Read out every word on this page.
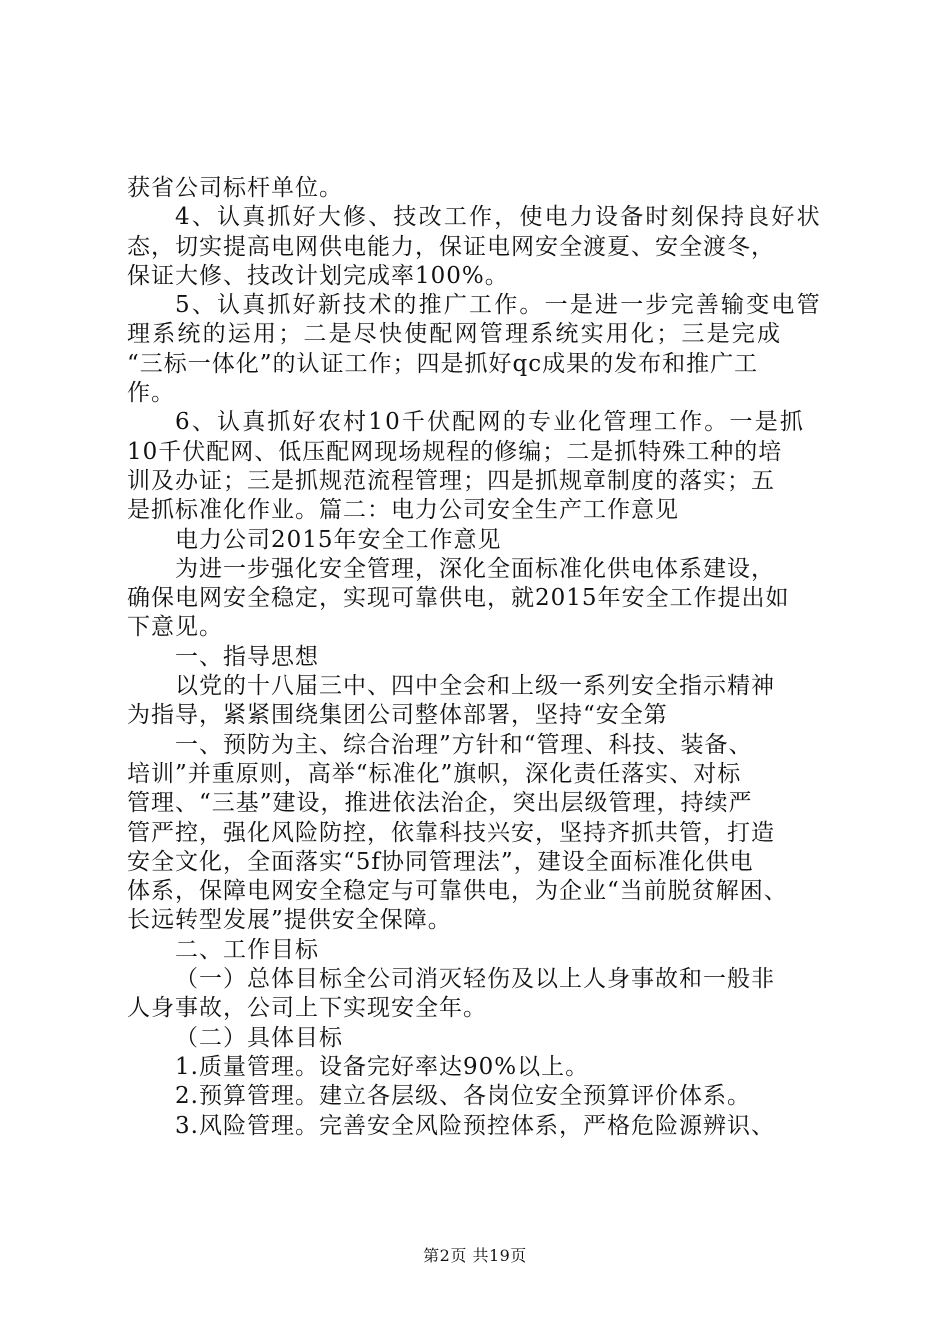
获省公司标杆单位。
4、认真抓好大修、技改工作，使电力设备时刻保持良好状
态，切实提高电网供电能力，保证电网安全渡夏、安全渡冬，
保证大修、技改计划完成率100%。
5、认真抓好新技术的推广工作。一是进一步完善输变电管
理系统的运用；二是尽快使配网管理系统实用化；三是完成
“三标一体化”的认证工作；四是抓好qc成果的发布和推广工
作。
6、认真抓好农村10千伏配网的专业化管理工作。一是抓
10千伏配网、低压配网现场规程的修编；二是抓特殊工种的培
训及办证；三是抓规范流程管理；四是抓规章制度的落实；五
是抓标准化作业。篇二：电力公司安全生产工作意见
电力公司2015年安全工作意见
为进一步强化安全管理，深化全面标准化供电体系建设，
确保电网安全稳定，实现可靠供电，就2015年安全工作提出如
下意见。
一、指导思想
以党的十八届三中、四中全会和上级一系列安全指示精神
为指导，紧紧围绕集团公司整体部署，坚持“安全第
一、预防为主、综合治理”方针和“管理、科技、装备、
培训”并重原则，高举“标准化”旗帜，深化责任落实、对标
管理、“三基”建设，推进依法治企，突出层级管理，持续严
管严控，强化风险防控，依靠科技兴安，坚持齐抓共管，打造
安全文化，全面落实“5f协同管理法”，建设全面标准化供电
体系，保障电网安全稳定与可靠供电，为企业“当前脱贫解困、
长远转型发展”提供安全保障。
二、工作目标
（一）总体目标全公司消灭轻伤及以上人身事故和一般非
人身事故，公司上下实现安全年。
（二）具体目标
1.质量管理。设备完好率达90%以上。
2.预算管理。建立各层级、各岗位安全预算评价体系。
3.风险管理。完善安全风险预控体系，严格危险源辨识、
第2页 共19页
